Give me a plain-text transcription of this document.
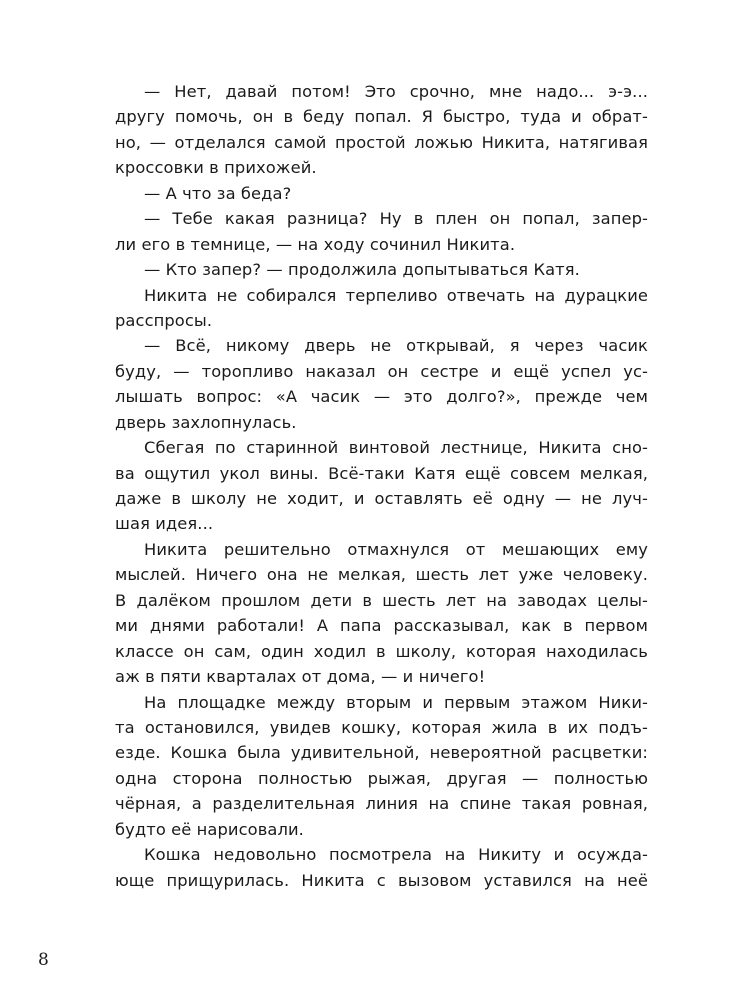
— Нет, давай потом! Это срочно, мне надо... э-э...
другу помочь, он в беду попал. Я быстро, туда и обрат-
но, — отделался самой простой ложью Никита, натягивая
кроссовки в прихожей.
— А что за беда?
— Тебе какая разница? Ну в плен он попал, запер-
ли его в темнице, — на ходу сочинил Никита.
— Кто запер? — продолжила допытываться Катя.
Никита не собирался терпеливо отвечать на дурацкие
расспросы.
— Всё, никому дверь не открывай, я через часик
буду, — торопливо наказал он сестре и ещё успел ус-
лышать вопрос: «А часик — это долго?», прежде чем
дверь захлопнулась.
Сбегая по старинной винтовой лестнице, Никита сно-
ва ощутил укол вины. Всё-таки Катя ещё совсем мелкая,
даже в школу не ходит, и оставлять её одну — не луч-
шая идея...
Никита решительно отмахнулся от мешающих ему
мыслей. Ничего она не мелкая, шесть лет уже человеку.
В далёком прошлом дети в шесть лет на заводах целы-
ми днями работали! А папа рассказывал, как в первом
классе он сам, один ходил в школу, которая находилась
аж в пяти кварталах от дома, — и ничего!
На площадке между вторым и первым этажом Ники-
та остановился, увидев кошку, которая жила в их подъ-
езде. Кошка была удивительной, невероятной расцветки:
одна сторона полностью рыжая, другая — полностью
чёрная, а разделительная линия на спине такая ровная,
будто её нарисовали.
Кошка недовольно посмотрела на Никиту и осужда-
юще прищурилась. Никита с вызовом уставился на неё
8
